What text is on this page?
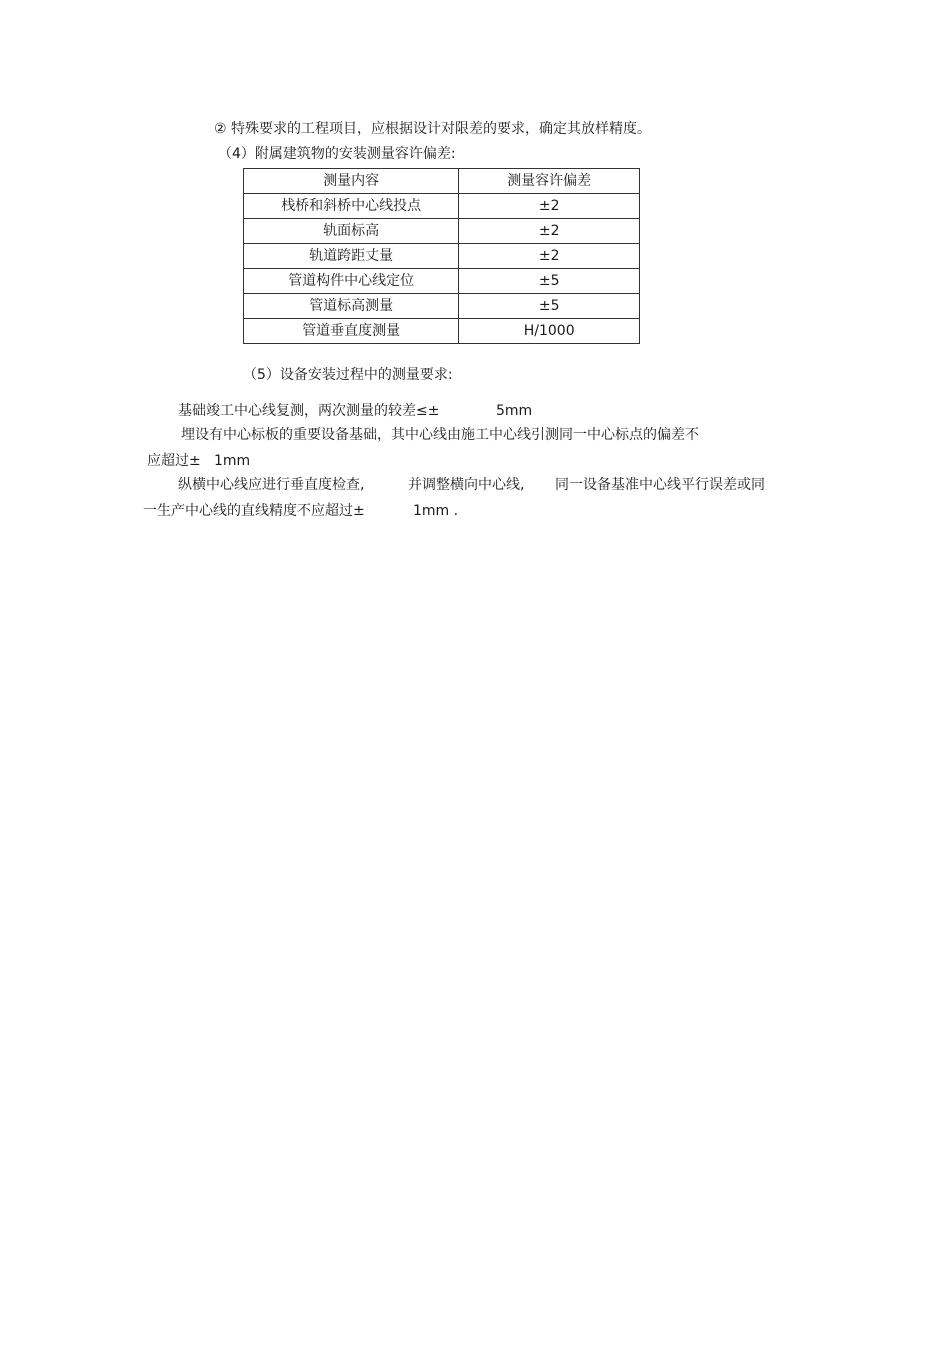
② 特殊要求的工程项目，应根据设计对限差的要求，确定其放样精度。
（4）附属建筑物的安装测量容许偏差:
测量内容	测量容许偏差
栈桥和斜桥中心线投点	±2
轨面标高	±2
轨道跨距丈量	±2
管道构件中心线定位	±5
管道标高测量	±5
管道垂直度测量	H/1000
（5）设备安装过程中的测量要求:
基础竣工中心线复测，两次测量的较差≤±	5mm
埋设有中心标板的重要设备基础，其中心线由施工中心线引测同一中心标点的偏差不
应超过± 1mm
纵横中心线应进行垂直度检查,	并调整横向中心线, 同一设备基准中心线平行误差或同
一生产中心线的直线精度不应超过±	1mm .
